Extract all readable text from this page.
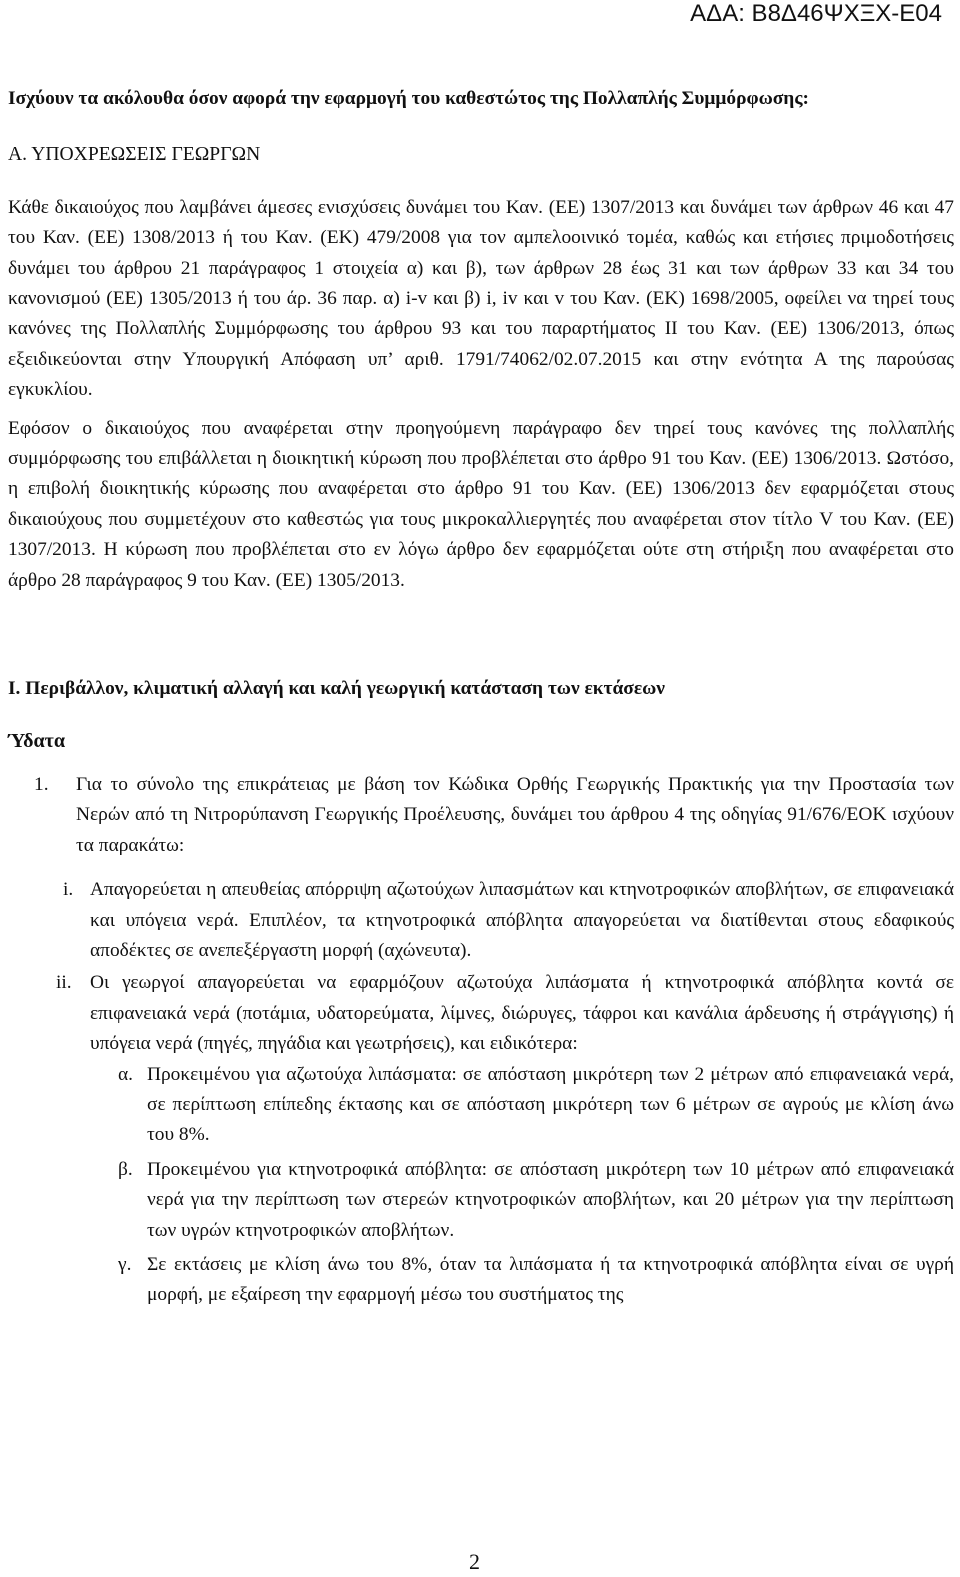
ΑΔΑ: Β8Δ46ΨΧΞΧ-Ε04

Ισχύουν τα ακόλουθα όσον αφορά την εφαρμογή του καθεστώτος της Πολλαπλής Συμμόρφωσης:

Α. ΥΠΟΧΡΕΩΣΕΙΣ ΓΕΩΡΓΩΝ

Κάθε δικαιούχος που λαμβάνει άμεσες ενισχύσεις δυνάμει του Καν. (ΕΕ) 1307/2013 και δυνάμει των άρθρων 46 και 47 του Καν. (ΕΕ) 1308/2013 ή του Καν. (ΕΚ) 479/2008 για τον αμπελοοινικό τομέα, καθώς και ετήσιες πριμοδοτήσεις δυνάμει του άρθρου 21 παράγραφος 1 στοιχεία α) και β), των άρθρων 28 έως 31 και των άρθρων 33 και 34 του κανονισμού (ΕΕ) 1305/2013 ή του άρ. 36 παρ. α) i-v και β) i, iv και v του Καν. (ΕΚ) 1698/2005, οφείλει να τηρεί τους κανόνες της Πολλαπλής Συμμόρφωσης του άρθρου 93 και του παραρτήματος ΙΙ του Καν. (ΕΕ) 1306/2013, όπως εξειδικεύονται στην Υπουργική Απόφαση υπ’ αριθ. 1791/74062/02.07.2015 και στην ενότητα Α της παρούσας εγκυκλίου.

Εφόσον ο δικαιούχος που αναφέρεται στην προηγούμενη παράγραφο δεν τηρεί τους κανόνες της πολλαπλής συμμόρφωσης του επιβάλλεται η διοικητική κύρωση που προβλέπεται στο άρθρο 91 του Καν. (ΕΕ) 1306/2013. Ωστόσο, η επιβολή διοικητικής κύρωσης που αναφέρεται στο άρθρο 91 του Καν. (ΕΕ) 1306/2013 δεν εφαρμόζεται στους δικαιούχους που συμμετέχουν στο καθεστώς για τους μικροκαλλιεργητές που αναφέρεται στον τίτλο V του Καν. (ΕΕ) 1307/2013. Η κύρωση που προβλέπεται στο εν λόγω άρθρο δεν εφαρμόζεται ούτε στη στήριξη που αναφέρεται στο άρθρο 28 παράγραφος 9 του Καν. (ΕΕ) 1305/2013.

Ι. Περιβάλλον, κλιματική αλλαγή και καλή γεωργική κατάσταση των εκτάσεων

Ύδατα

1. Για το σύνολο της επικράτειας με βάση τον Κώδικα Ορθής Γεωργικής Πρακτικής για την Προστασία των Νερών από τη Νιτρορύπανση Γεωργικής Προέλευσης, δυνάμει του άρθρου 4 της οδηγίας 91/676/ΕΟΚ ισχύουν τα παρακάτω:

i. Απαγορεύεται η απευθείας απόρριψη αζωτούχων λιπασμάτων και κτηνοτροφικών αποβλήτων, σε επιφανειακά και υπόγεια νερά. Επιπλέον, τα κτηνοτροφικά απόβλητα απαγορεύεται να διατίθενται στους εδαφικούς αποδέκτες σε ανεπεξέργαστη μορφή (αχώνευτα).

ii. Οι γεωργοί απαγορεύεται να εφαρμόζουν αζωτούχα λιπάσματα ή κτηνοτροφικά απόβλητα κοντά σε επιφανειακά νερά (ποτάμια, υδατορεύματα, λίμνες, διώρυγες, τάφροι και κανάλια άρδευσης ή στράγγισης) ή υπόγεια νερά (πηγές, πηγάδια και γεωτρήσεις), και ειδικότερα:

α. Προκειμένου για αζωτούχα λιπάσματα: σε απόσταση μικρότερη των 2 μέτρων από επιφανειακά νερά, σε περίπτωση επίπεδης έκτασης και σε απόσταση μικρότερη των 6 μέτρων σε αγρούς με κλίση άνω του 8%.

β. Προκειμένου για κτηνοτροφικά απόβλητα: σε απόσταση μικρότερη των 10 μέτρων από επιφανειακά νερά για την περίπτωση των στερεών κτηνοτροφικών αποβλήτων, και 20 μέτρων για την περίπτωση των υγρών κτηνοτροφικών αποβλήτων.

γ. Σε εκτάσεις με κλίση άνω του 8%, όταν τα λιπάσματα ή τα κτηνοτροφικά απόβλητα είναι σε υγρή μορφή, με εξαίρεση την εφαρμογή μέσω του συστήματος της

2
